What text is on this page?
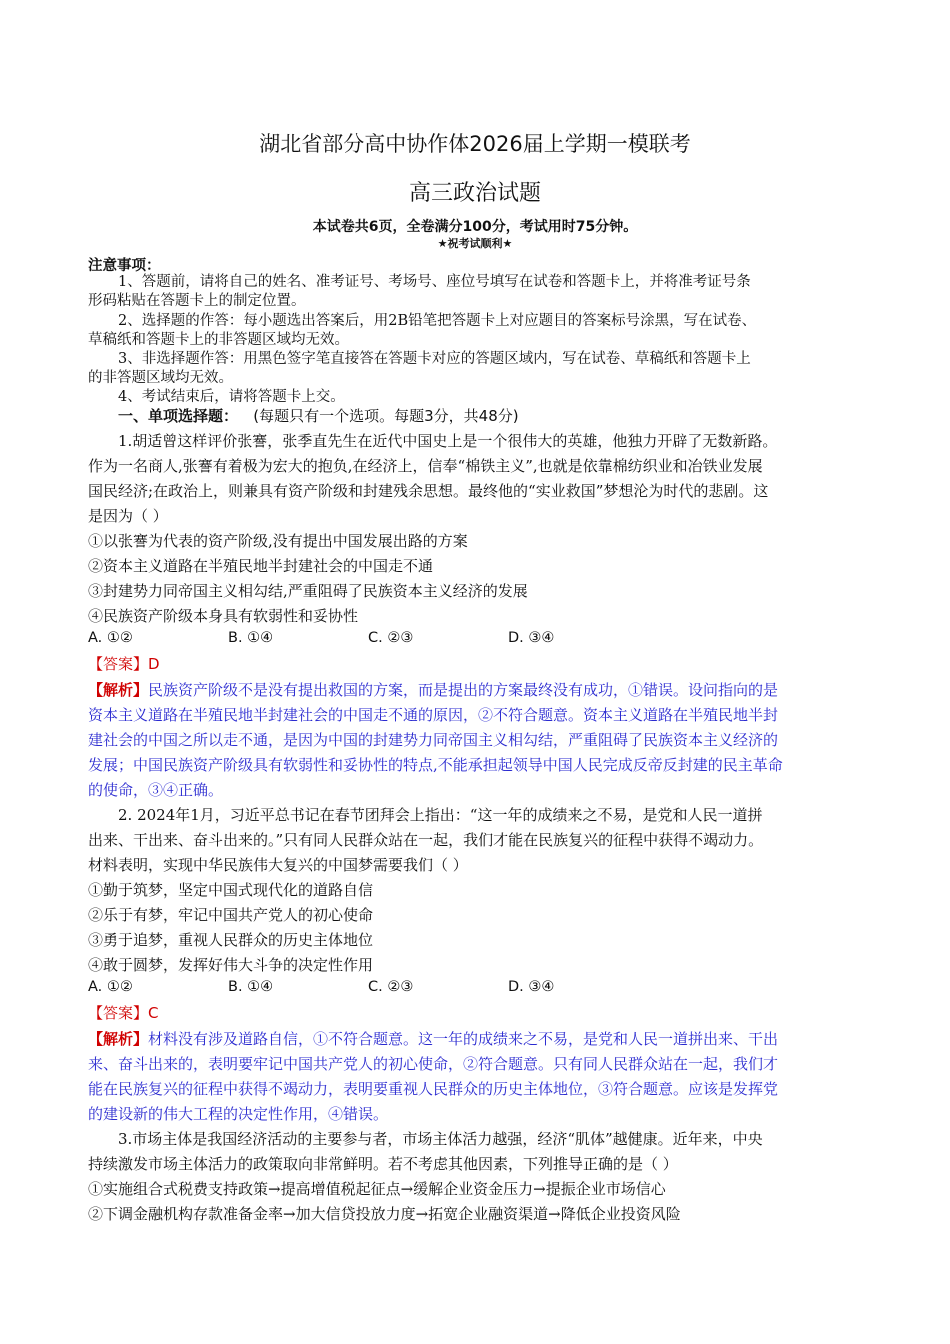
湖北省部分高中协作体2026届上学期一模联考
高三政治试题
本试卷共6页，全卷满分100分，考试用时75分钟。
★祝考试顺利★
注意事项：
1、答题前，请将自己的姓名、准考证号、考场号、座位号填写在试卷和答题卡上，并将准考证号条
形码粘贴在答题卡上的制定位置。
2、选择题的作答：每小题选出答案后，用2B铅笔把答题卡上对应题目的答案标号涂黑，写在试卷、
草稿纸和答题卡上的非答题区域均无效。
3、非选择题作答：用黑色签字笔直接答在答题卡对应的答题区域内，写在试卷、草稿纸和答题卡上
的非答题区域均无效。
4、考试结束后，请将答题卡上交。
一、单项选择题： (每题只有一个选项。每题3分，共48分)
1.胡适曾这样评价张謇，张季直先生在近代中国史上是一个很伟大的英雄，他独力开辟了无数新路。
作为一名商人,张謇有着极为宏大的抱负,在经济上，信奉“棉铁主义”,也就是依靠棉纺织业和冶铁业发展
国民经济;在政治上，则兼具有资产阶级和封建残余思想。最终他的“实业救国”梦想沦为时代的悲剧。这
是因为（ ）
①以张謇为代表的资产阶级,没有提出中国发展出路的方案
②资本主义道路在半殖民地半封建社会的中国走不通
③封建势力同帝国主义相勾结,严重阻碍了民族资本主义经济的发展
④民族资产阶级本身具有软弱性和妥协性
A. ①②	B. ①④	C. ②③	D. ③④
【答案】D
【解析】民族资产阶级不是没有提出救国的方案，而是提出的方案最终没有成功，①错误。设问指向的是
资本主义道路在半殖民地半封建社会的中国走不通的原因，②不符合题意。资本主义道路在半殖民地半封
建社会的中国之所以走不通，是因为中国的封建势力同帝国主义相勾结，严重阻碍了民族资本主义经济的
发展；中国民族资产阶级具有软弱性和妥协性的特点,不能承担起领导中国人民完成反帝反封建的民主革命
的使命，③④正确。
2. 2024年1月，习近平总书记在春节团拜会上指出：“这一年的成绩来之不易，是党和人民一道拼
出来、干出来、奋斗出来的。”只有同人民群众站在一起，我们才能在民族复兴的征程中获得不竭动力。
材料表明，实现中华民族伟大复兴的中国梦需要我们（ ）
①勤于筑梦，坚定中国式现代化的道路自信
②乐于有梦，牢记中国共产党人的初心使命
③勇于追梦，重视人民群众的历史主体地位
④敢于圆梦，发挥好伟大斗争的决定性作用
A. ①②	B. ①④	C. ②③	D. ③④
【答案】C
【解析】材料没有涉及道路自信，①不符合题意。这一年的成绩来之不易，是党和人民一道拼出来、干出
来、奋斗出来的，表明要牢记中国共产党人的初心使命，②符合题意。只有同人民群众站在一起，我们才
能在民族复兴的征程中获得不竭动力，表明要重视人民群众的历史主体地位，③符合题意。应该是发挥党
的建设新的伟大工程的决定性作用，④错误。
3.市场主体是我国经济活动的主要参与者，市场主体活力越强，经济“肌体”越健康。近年来，中央
持续激发市场主体活力的政策取向非常鲜明。若不考虑其他因素，下列推导正确的是（ ）
①实施组合式税费支持政策→提高增值税起征点→缓解企业资金压力→提振企业市场信心
②下调金融机构存款准备金率→加大信贷投放力度→拓宽企业融资渠道→降低企业投资风险
